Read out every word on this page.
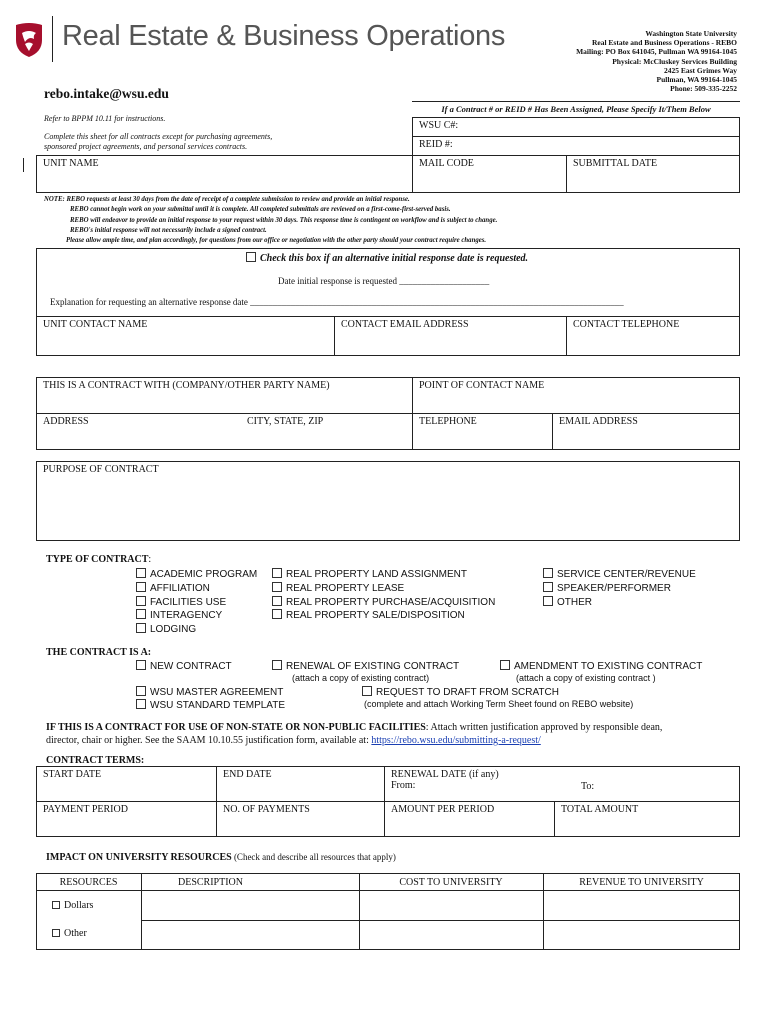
Real Estate & Business Operations	Washington State University
Real Estate and Business Operations - REBO
Mailing: PO Box 641045, Pullman WA 99164-1045
Physical: McCluskey Services Building
2425 East Grimes Way
Pullman, WA 99164-1045
Phone: 509-335-2252
rebo.intake@wsu.edu
Refer to BPPM 10.11 for instructions.
Complete this sheet for all contracts except for purchasing agreements,
sponsored project agreements, and personal services contracts.
If a Contract # or REID # Has Been Assigned, Please Specify It/Them Below
WSU C#:
REID #:
UNIT NAME	MAIL CODE	SUBMITTAL DATE
NOTE: REBO requests at least 30 days from the date of receipt of a complete submission to review and provide an initial response.
REBO cannot begin work on your submittal until it is complete. All completed submittals are reviewed on a first-come-first-served basis.
REBO will endeavor to provide an initial response to your request within 30 days. This response time is contingent on workflow and is subject to change.
REBO's initial response will not necessarily include a signed contract.
Please allow ample time, and plan accordingly, for questions from our office or negotiation with the other party should your contract require changes.
Check this box if an alternative initial response date is requested.
Date initial response is requested ____________________
Explanation for requesting an alternative response date ___________________________________________________________________________________
UNIT CONTACT NAME	CONTACT EMAIL ADDRESS	CONTACT TELEPHONE
THIS IS A CONTRACT WITH (COMPANY/OTHER PARTY NAME)	POINT OF CONTACT NAME
ADDRESS	CITY, STATE, ZIP	TELEPHONE	EMAIL ADDRESS
PURPOSE OF CONTRACT
TYPE OF CONTRACT:
ACADEMIC PROGRAM
AFFILIATION
FACILITIES USE
INTERAGENCY
LODGING
REAL PROPERTY LAND ASSIGNMENT
REAL PROPERTY LEASE
REAL PROPERTY PURCHASE/ACQUISITION
REAL PROPERTY SALE/DISPOSITION
SERVICE CENTER/REVENUE
SPEAKER/PERFORMER
OTHER
THE CONTRACT IS A:
NEW CONTRACT	RENEWAL OF EXISTING CONTRACT
(attach a copy of existing contract)
AMENDMENT TO EXISTING CONTRACT
(attach a copy of existing contract )
WSU MASTER AGREEMENT
WSU STANDARD TEMPLATE
REQUEST TO DRAFT FROM SCRATCH
(complete and attach Working Term Sheet found on REBO website)
IF THIS IS A CONTRACT FOR USE OF NON-STATE OR NON-PUBLIC FACILITIES: Attach written justification approved by responsible dean,
director, chair or higher. See the SAAM 10.10.55 justification form, available at: https://rebo.wsu.edu/submitting-a-request/
CONTRACT TERMS:
START DATE	END DATE	RENEWAL DATE (if any)
From:	To:
PAYMENT PERIOD	NO. OF PAYMENTS	AMOUNT PER PERIOD	TOTAL AMOUNT
IMPACT ON UNIVERSITY RESOURCES (Check and describe all resources that apply)
RESOURCES	DESCRIPTION	COST TO UNIVERSITY	REVENUE TO UNIVERSITY
Dollars
Other
